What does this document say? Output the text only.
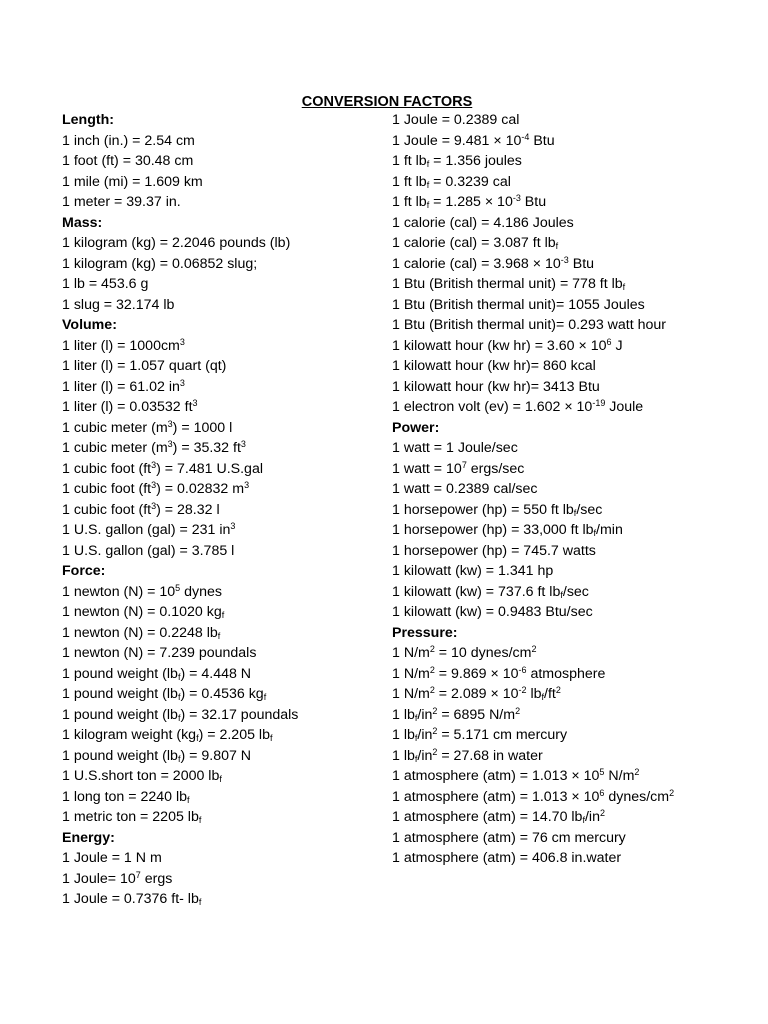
CONVERSION FACTORS
Length:
1 inch (in.) = 2.54 cm
1 foot (ft) = 30.48 cm
1 mile (mi) = 1.609 km
1 meter = 39.37 in.
Mass:
1 kilogram (kg) = 2.2046 pounds (lb)
1 kilogram (kg) = 0.06852 slug;
1 lb = 453.6 g
1 slug = 32.174 lb
Volume:
1 liter $(l) = 1000cm^3$
1 liter (l) = 1.057 quart (qt)
1 liter (l) = 61.02 $in^3$
1 liter (l) = 0.03532 $ft^3$
1 cubic meter $(m^3) = 1000$ l
1 cubic meter $(m^3) = 35.32$ $ft^3$
1 cubic foot $(ft^3) = 7.481$ U.S.gal
1 cubic foot $(ft^3) = 0.02832$ $m^3$
1 cubic foot $(ft^3) = 28.32$ l
1 U.S. gallon (gal) = 231 $in^3$
1 U.S. gallon (gal) = 3.785 l
Force:
1 newton $(N) = 10^5$ dynes
1 newton (N) = 0.1020 $kg_f$
1 newton (N) = 0.2248 $lb_f$
1 newton (N) = 7.239 poundals
1 pound weight $(lb_f) = 4.448$ N
1 pound weight $(lb_f) = 0.4536$ $kg_f$
1 pound weight $(lb_f) = 32.17$ poundals
1 kilogram weight $(kg_f) = 2.205$ $lb_f$
1 pound weight $(lb_f) = 9.807$ N
1 U.S.short ton = 2000 $lb_f$
1 long ton = 2240 $lb_f$
1 metric ton = 2205 $lb_f$
Energy:
1 Joule = 1 N m
1 Joule= $10^7$ ergs
1 Joule = 0.7376 ft- $lb_f$
1 Joule = 0.2389 cal
1 Joule = $9.481 \times 10^{-4}$ Btu
1 ft $lb_f = 1.356$ joules
1 ft $lb_f = 0.3239$ cal
1 ft $lb_f = 1.285 \times 10^{-3}$ Btu
1 calorie (cal) = 4.186 Joules
1 calorie (cal) = 3.087 ft $lb_f$
1 calorie $(cal) = 3.968 \times 10^{-3}$ Btu
1 Btu (British thermal unit) = 778 ft $lb_f$
1 Btu (British thermal unit)= 1055 Joules
1 Btu (British thermal unit)= 0.293 watt hour
1 kilowatt hour (kw $hr) = 3.60 \times 10^6$ J
1 kilowatt hour (kw hr)= 860 kcal
1 kilowatt hour (kw hr)= 3413 Btu
1 electron volt $(ev) = 1.602 \times 10^{-19}$ Joule
Power:
1 watt = 1 Joule/sec
1 watt = $10^7$ ergs/sec
1 watt = 0.2389 cal/sec
1 horsepower (hp) = 550 ft $lb_f/\sec$
1 horsepower (hp) = 33,000 ft $lb_f/\min$
1 horsepower (hp) = 745.7 watts
1 kilowatt (kw) = 1.341 hp
1 kilowatt (kw) = 737.6 ft $lb_f/\sec$
1 kilowatt (kw) = 0.9483 Btu/sec
Pressure:
1 $N/m^2 = 10$ dynes/$cm^2$
1 $N/m^2 = 9.869 \times 10^{-6}$ atmosphere
1 $N/m^2 = 2.089 \times 10^{-2}$ $lb_f/ft^2$
1 $lb_f/in^2 = 6895$ $N/m^2$
1 $lb_f/in^2 = 5.171$ cm mercury
1 $lb_f/in^2 = 27.68$ in water
1 atmosphere $(atm) = 1.013 \times 10^5$ $N/m^2$
1 atmosphere $(atm) = 1.013 \times 10^6$ dynes/$cm^2$
1 atmosphere (atm) = 14.70 $lb_f/in^2$
1 atmosphere (atm) = 76 cm mercury
1 atmosphere (atm) = 406.8 in.water
